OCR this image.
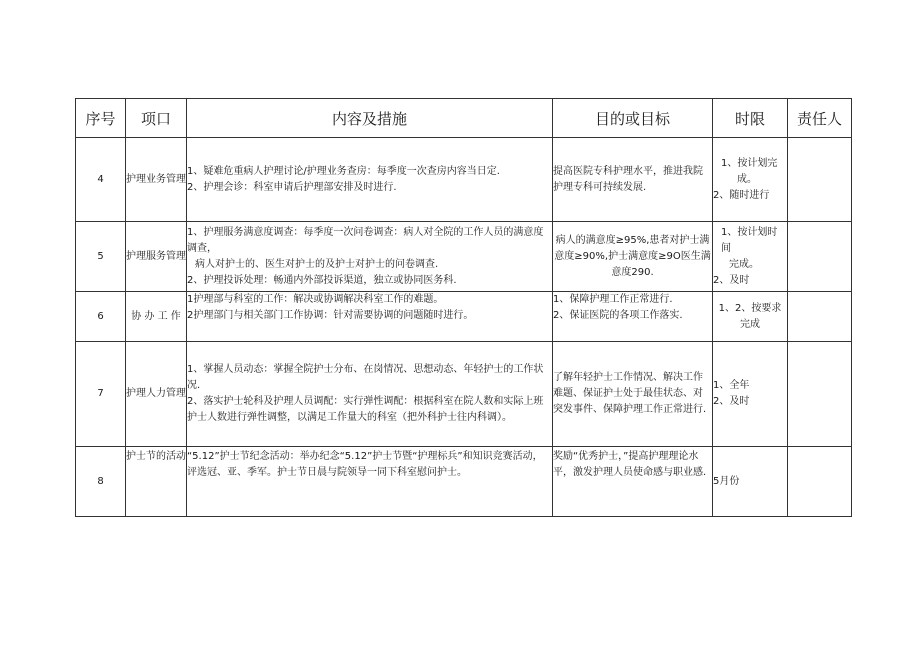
序号	项口	内容及措施	目的或目标	时限	责任人
4	护理业务管理	1、疑难危重病人护理讨论/护理业务查房：每季度一次查房内容当日定.
2、护理会诊：科室申请后护理部安排及时进行.	提高医院专科护理水平，推进我院护理专科可持续发展.	1、按计划完
成。
2、随时进行	

5	护理服务管理	1、护理服务满意度调查：每季度一次问卷调查：病人对全院的工作人员的满意度调查，
病人对护士的、医生对护士的及护士对护士的问卷调查.
2、护理投诉处理：畅通内外部投诉渠道，独立或协同医务科.	病人的满意度≥95%,患者对护士满意度≥90%,护士满意度≥9O医生满意度290.	1、按计划时间
完成。
2、及时	

6	协 办 工 作	1护理部与科室的工作：解决或协调解决科室工作的难题。
2护理部门与相关部门工作协调：针对需要协调的问题随时进行。	1、保障护理工作正常进行.
2、保证医院的各项工作落实.	1、2、按要求
完成	

7	护理人力管理	1、掌握人员动态：掌握全院护士分布、在岗情况、思想动态、年轻护士的工作状况.
2、落实护士轮科及护理人员调配：实行弹性调配：根据科室在院人数和实际上班护士人数进行弹性调整，以满足工作量大的科室（把外科护士往内科调）。	了解年轻护士工作情况、解决工作难题、保证护士处于最佳状态、对突发事件、保障护理工作正常进行.	1、全年
2、及时	

8	护士节的活动	“5.12”护士节纪念活动：举办纪念“5.12”护士节暨“护理标兵”和知识竞赛活动，评选冠、亚、季军。护士节日晨与院领导一同下科室慰问护士。	奖励“优秀护士，”提高护理理论水平，激发护理人员使命感与职业感.	5月份	
